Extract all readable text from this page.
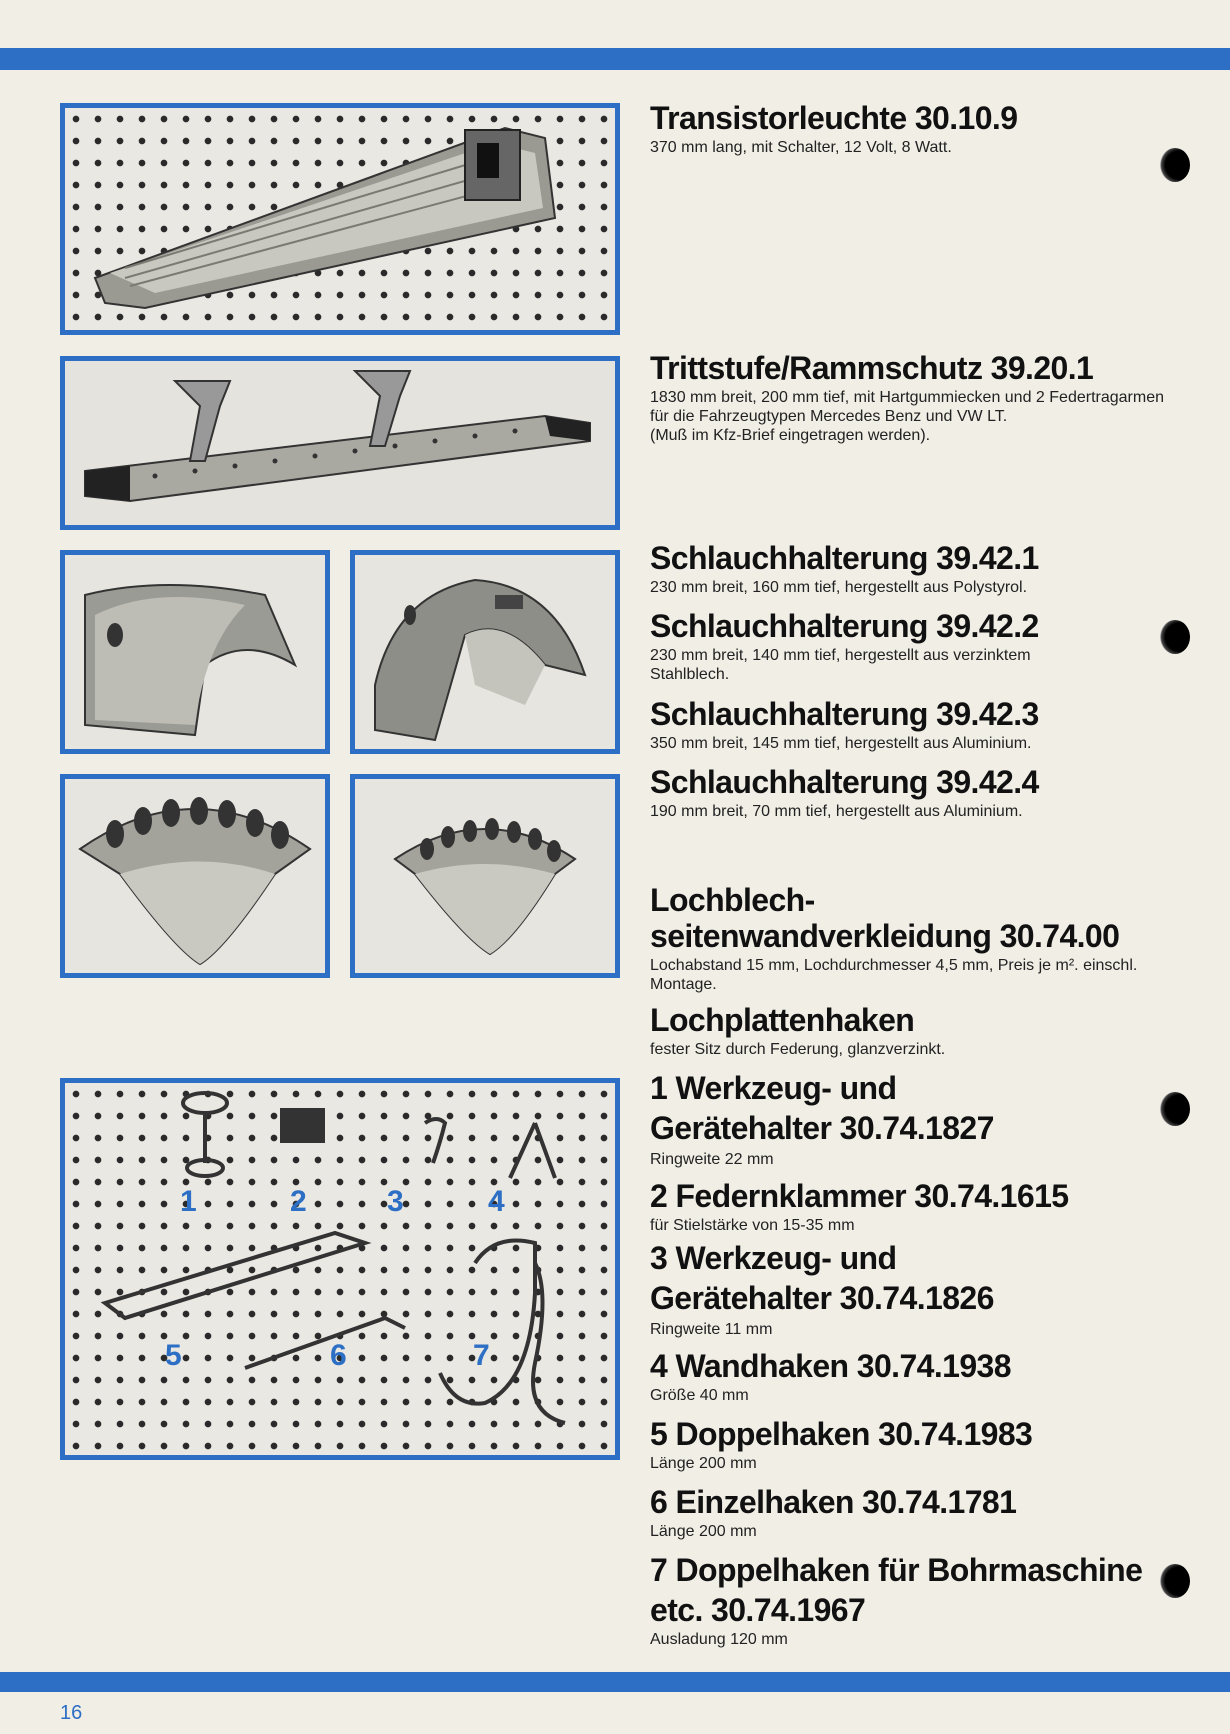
1	2	3	4
5	6	7
Transistorleuchte 30.10.9
370 mm lang, mit Schalter, 12 Volt, 8 Watt.
Trittstufe/Rammschutz 39.20.1
1830 mm breit, 200 mm tief, mit Hartgummiecken und 2 Federtragarmen für die Fahrzeugtypen Mercedes Benz und VW LT.
(Muß im Kfz-Brief eingetragen werden).
Schlauchhalterung 39.42.1
230 mm breit, 160 mm tief, hergestellt aus Polystyrol.
Schlauchhalterung 39.42.2
230 mm breit, 140 mm tief, hergestellt aus verzinktem Stahlblech.
Schlauchhalterung 39.42.3
350 mm breit, 145 mm tief, hergestellt aus Aluminium.
Schlauchhalterung 39.42.4
190 mm breit, 70 mm tief, hergestellt aus Aluminium.
Lochblech-
seitenwandverkleidung 30.74.00
Lochabstand 15 mm, Lochdurchmesser 4,5 mm, Preis je m². einschl. Montage.
Lochplattenhaken
fester Sitz durch Federung, glanzverzinkt.
1 Werkzeug- und
Gerätehalter 30.74.1827
Ringweite 22 mm
2 Federnklammer 30.74.1615
für Stielstärke von 15-35 mm
3 Werkzeug- und
Gerätehalter 30.74.1826
Ringweite 11 mm
4 Wandhaken 30.74.1938
Größe 40 mm
5 Doppelhaken 30.74.1983
Länge 200 mm
6 Einzelhaken 30.74.1781
Länge 200 mm
7 Doppelhaken für Bohrmaschine
etc. 30.74.1967
Ausladung 120 mm
16
